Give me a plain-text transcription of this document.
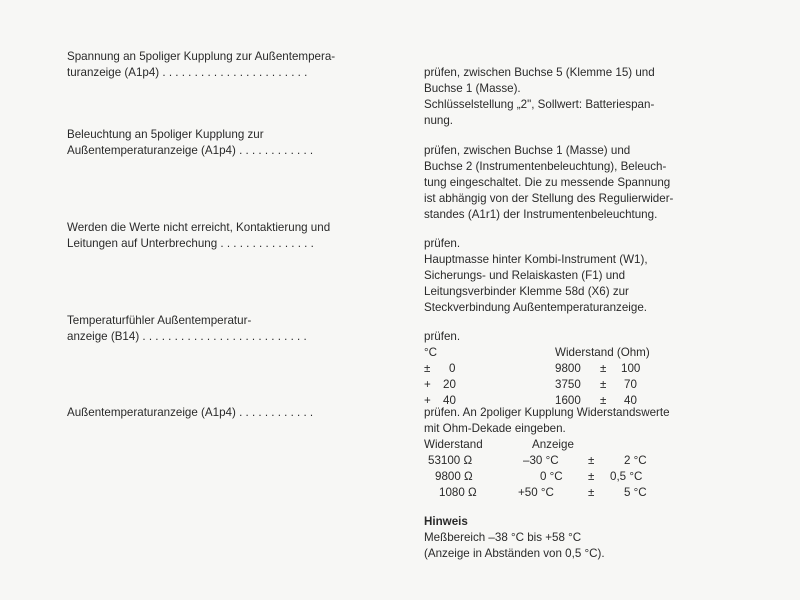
Spannung an 5poliger Kupplung zur Außentempera-
turanzeige (A1p4) . . . . . . . . . . . . . . . . . . . . . . .	prüfen, zwischen Buchse 5 (Klemme 15) und
Buchse 1 (Masse).
Schlüsselstellung „2", Sollwert: Batteriespan-
nung.
Beleuchtung an 5poliger Kupplung zur
Außentemperaturanzeige (A1p4) . . . . . . . . . . . .	prüfen, zwischen Buchse 1 (Masse) und
Buchse 2 (Instrumentenbeleuchtung), Beleuch-
tung eingeschaltet. Die zu messende Spannung
ist abhängig von der Stellung des Regulierwider-
standes (A1r1) der Instrumentenbeleuchtung.
Werden die Werte nicht erreicht, Kontaktierung und
Leitungen auf Unterbrechung . . . . . . . . . . . . . . .	prüfen.
Hauptmasse hinter Kombi-Instrument (W1),
Sicherungs- und Relaiskasten (F1) und
Leitungsverbinder Klemme 58d (X6) zur
Steckverbindung Außentemperaturanzeige.
Temperaturfühler Außentemperatur-
anzeige (B14) . . . . . . . . . . . . . . . . . . . . . . . . . .	prüfen.
°C	Widerstand (Ohm)
± 0	9800 ± 100
+ 20	3750 ± 70
+ 40	1600 ± 40
Außentemperaturanzeige (A1p4) . . . . . . . . . . . .	prüfen. An 2poliger Kupplung Widerstandswerte
mit Ohm-Dekade eingeben.
Widerstand	Anzeige
53100 Ω	–30 °C	±	2 °C
9800 Ω	0 °C ± 0,5 °C
1080 Ω	+50 °C	±	5 °C
Hinweis
Meßbereich –38 °C bis +58 °C
(Anzeige in Abständen von 0,5 °C).
